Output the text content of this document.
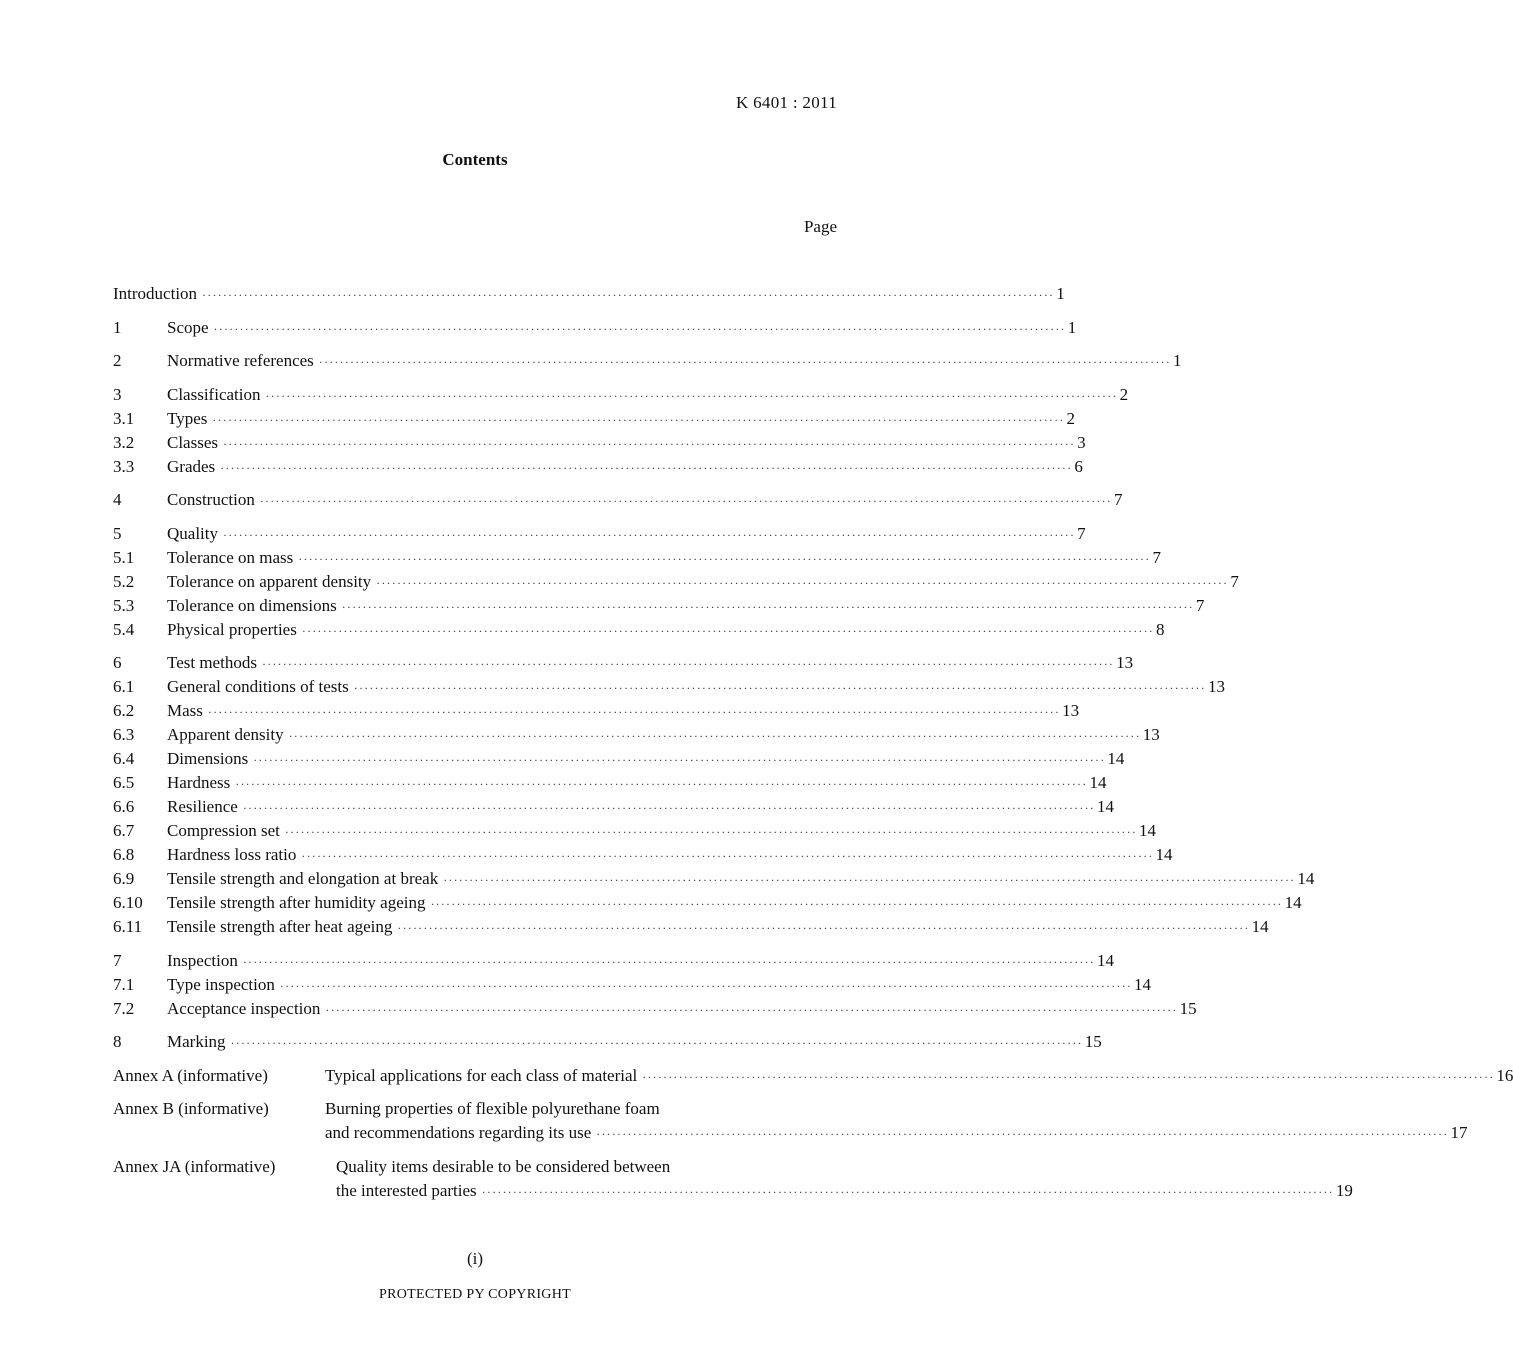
K 6401 : 2011
Contents
Page
Introduction ·····	1
1	Scope ·····	1
2	Normative references ·····	1
3	Classification ·····	2
3.1	Types ·····	2
3.2	Classes ·····	3
3.3	Grades ·····	6
4	Construction ·····	7
5	Quality ·····	7
5.1	Tolerance on mass ·····	7
5.2	Tolerance on apparent density ·····	7
5.3	Tolerance on dimensions ·····	7
5.4	Physical properties ·····	8
6	Test methods ·····	13
6.1	General conditions of tests ·····	13
6.2	Mass ·····	13
6.3	Apparent density ·····	13
6.4	Dimensions ·····	14
6.5	Hardness ·····	14
6.6	Resilience ·····	14
6.7	Compression set ·····	14
6.8	Hardness loss ratio ·····	14
6.9	Tensile strength and elongation at break ·····	14
6.10	Tensile strength after humidity ageing ·····	14
6.11	Tensile strength after heat ageing ·····	14
7	Inspection ·····	14
7.1	Type inspection ·····	14
7.2	Acceptance inspection ·····	15
8	Marking ·····	15
Annex A (informative)	Typical applications for each class of material ·····	16
Annex B (informative)	Burning properties of flexible polyurethane foam
and recommendations regarding its use ·····	17
Annex JA (informative)	Quality items desirable to be considered between
the interested parties ·····	19
(i)
PROTECTED PY COPYRIGHT
